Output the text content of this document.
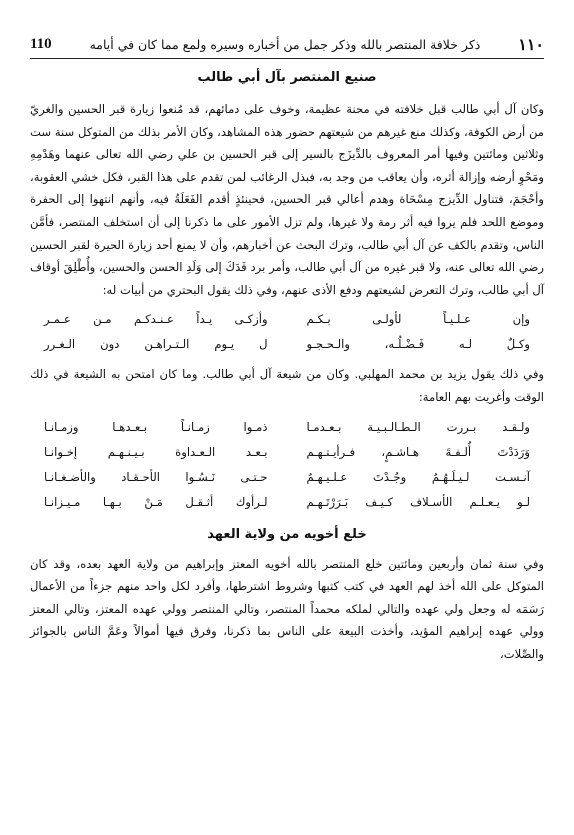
١١٠
ذكر خلافة المنتصر بالله وذكر جمل من أخباره وسيره ولمع مما كان في أيامه
110

صنيع المنتصر بآل أبي طالب

وكان آل أبي طالب قبل خلافته في محنة عظيمة، وخوف على دمائهم، قد مُنعوا زيارة قبر الحسين والغريّ من أرض الكوفة، وكذلك منع غيرهم من شيعتهم حضور هذه المشاهد، وكان الأمر بذلك من المتوكل سنة ست وثلاثين ومائتين وفيها أمر المعروف بالدِّيزَج بالسير إلى قبر الحسين بن علي رضي الله تعالى عنهما وهَدْمِهِ ومَحْوِ أرضه وإزالة أثره، وأن يعاقب من وجد به، فبذل الرغائب لمن تقدم على هذا القبر، فكل خشي العقوبة، وأحْجَمَ، فتناول الدِّيزج مِسْحَاة وهدم أعالي قبر الحسين، فحينئذٍ أقدم الفَعَلَةُ فيه، وأنهم انتهوا إلى الحفرة وموضع اللحد فلم يروا فيه أثر رمة ولا غيرها، ولم تزل الأمور على ما ذكرنا إلى أن استخلف المنتصر، فأمَّن الناس، وتقدم بالكف عن آل أبي طالب، وترك البحث عن أخبارهم، وأن لا يمنع أحد زيارة الحيرة لقبر الحسين رضي الله تعالى عنه، ولا قبر غيره من آل أبي طالب، وأمر برد فَدَكَ إلى وَلَدِ الحسن والحسين، وأُطْلِقَ أوقاف آل أبي طالب، وترك التعرض لشيعتهم ودفع الأذى عنهم، وفي ذلك يقول البحتري من أبيات له:

وإن عـلـيـاً لأولـى بـكـم
وأزكـى يـداً عـنـدكـم مـن عـمـر
وكـلٌ لـه فَـضْـلُـه، والـحـجـو
ل يـوم الـتـراهـن دون الـغـرر

وفي ذلك يقول يزيد بن محمد المهلبي. وكان من شيعة آل أبي طالب. وما كان امتحن به الشيعة في ذلك الوقت وأغريت بهم العامة:

ولـقـد بـررت الـطـالـبـيـة بـعـدمـا
ذمـوا زمـانـاً بـعـدهـا وزمـانـا
وَرَدَدْتَ أُلـفـةَ هـاشـمٍ، فـرأيـتـهـم
بـعـد الـعـداوة بـيـنـهـم إخـوانـا
آنـسـت لـيـلَـهُـمُ وجُـدْتَ عـلـيـهـمُ
حـتـى نَـسُـوا الأحـقـاد والأضـغـانـا
لـو يـعـلـم الأسـلاف كـيـف بَـرَرْتَـهـم
لـرأوك أثـقـل مَـنْ بـهـا مـيـزانـا

خلع أخويه من ولاية العهد

وفي سنة ثمان وأربعين ومائتين خلع المنتصر بالله أخويه المعتز وإبراهيم من ولاية العهد بعده، وقد كان المتوكل على الله أخذ لهم العهد في كتب كتبها وشروط اشترطها، وأفرد لكل واحد منهم جزءاً من الأعمال رَسَمَه له وجعل ولي عهده والتالي لملكه محمداً المنتصر، وتالي المنتصر وولي عهده المعتز، وتالي المعتز وولي عهده إبراهيم المؤيد، وأخذت البيعة على الناس بما ذكرنا، وفرق فيها أموالاً وعَمَّ الناس بالجوائز والصِّلات،
